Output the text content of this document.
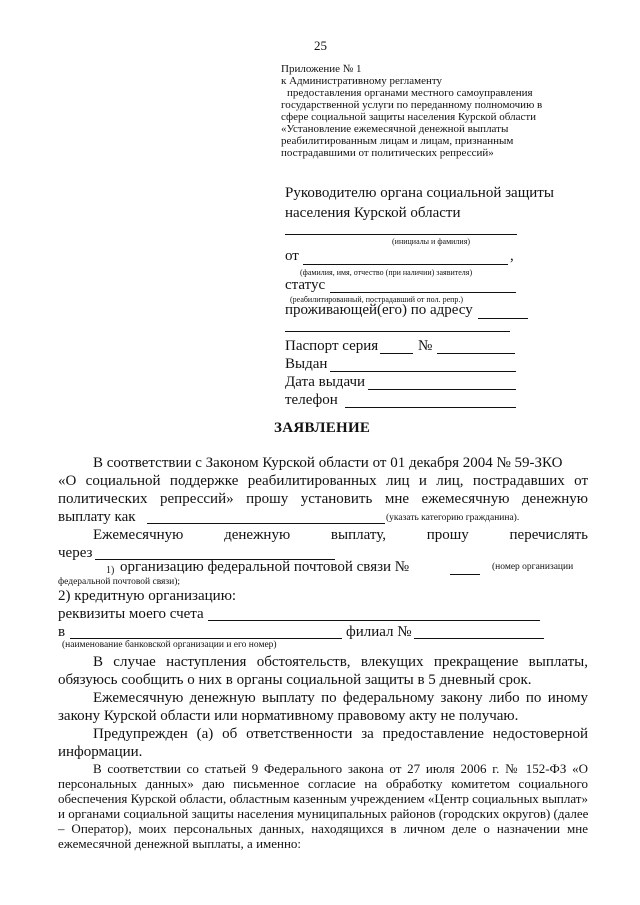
25
Приложение № 1
к Административному регламенту
предоставления органами местного самоуправления
государственной услуги по переданному полномочию в
сфере социальной защиты населения Курской области
«Установление ежемесячной денежной выплаты
реабилитированным лицам и лицам, признанным
пострадавшими от политических репрессий»
Руководителю органа социальной защиты
населения Курской области
(инициалы и фамилия)
от	,
(фамилия, имя, отчество (при наличии) заявителя)
статус
(реабилитированный, пострадавший от пол. репр.)
проживающей(его) по адресу
Паспорт серия	№
Выдан
Дата выдачи
телефон
ЗАЯВЛЕНИЕ
В соответствии с Законом Курской области от 01 декабря 2004 № 59-ЗКО
«О социальной поддержке реабилитированных лиц и лиц, пострадавших от
политических репрессий» прошу установить мне ежемесячную денежную
выплату как	(указать категорию гражданина).
Ежемесячную	денежную	выплату,	прошу	перечислять
через
1) организацию федеральной почтовой связи №	(номер организации
федеральной почтовой связи);
2) кредитную организацию:
реквизиты моего счета
в	филиал №
(наименование банковской организации и его номер)
В случае наступления обстоятельств, влекущих прекращение выплаты,
обязуюсь сообщить о них в органы социальной защиты в 5 дневный срок.
Ежемесячную денежную выплату по федеральному закону либо по иному
закону Курской области или нормативному правовому акту не получаю.
Предупрежден (а) об ответственности за предоставление недостоверной
информации.
В соответствии со статьей 9 Федерального закона от 27 июля 2006 г. № 152-ФЗ «О
персональных данных» даю письменное согласие на обработку комитетом социального
обеспечения Курской области, областным казенным учреждением «Центр социальных выплат»
и органами социальной защиты населения муниципальных районов (городских округов) (далее
– Оператор), моих персональных данных, находящихся в личном деле о назначении мне
ежемесячной денежной выплаты, а именно:
